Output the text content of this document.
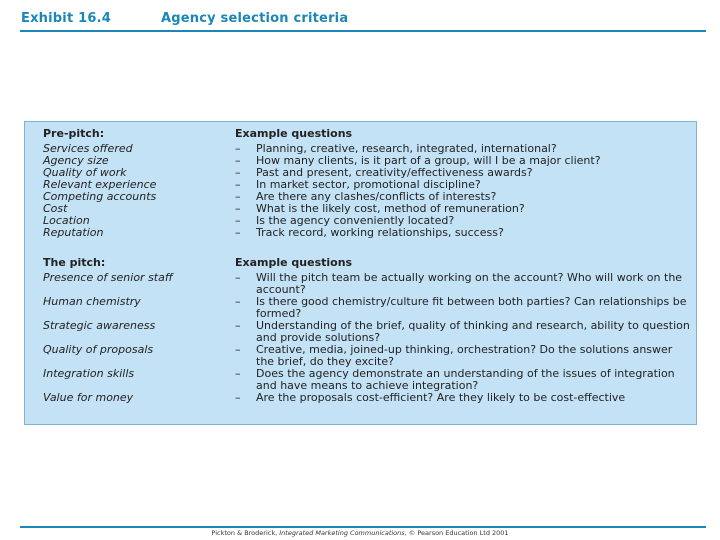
Exhibit 16.4	Agency selection criteria
Pre-pitch:	Example questions
Services offered	–	Planning, creative, research, integrated, international?
Agency size	–	How many clients, is it part of a group, will I be a major client?
Quality of work	–	Past and present, creativity/effectiveness awards?
Relevant experience	–	In market sector, promotional discipline?
Competing accounts	–	Are there any clashes/conflicts of interests?
Cost	–	What is the likely cost, method of remuneration?
Location	–	Is the agency conveniently located?
Reputation	–	Track record, working relationships, success?
The pitch:	Example questions
Presence of senior staff	–	Will the pitch team be actually working on the account? Who will work on the account?
Human chemistry	–	Is there good chemistry/culture fit between both parties? Can relationships be formed?
Strategic awareness	–	Understanding of the brief, quality of thinking and research, ability to question and provide solutions?
Quality of proposals	–	Creative, media, joined-up thinking, orchestration? Do the solutions answer the brief, do they excite?
Integration skills	–	Does the agency demonstrate an understanding of the issues of integration and have means to achieve integration?
Value for money	–	Are the proposals cost-efficient? Are they likely to be cost-effective
Pickton & Broderick, Integrated Marketing Communications, © Pearson Education Ltd 2001
